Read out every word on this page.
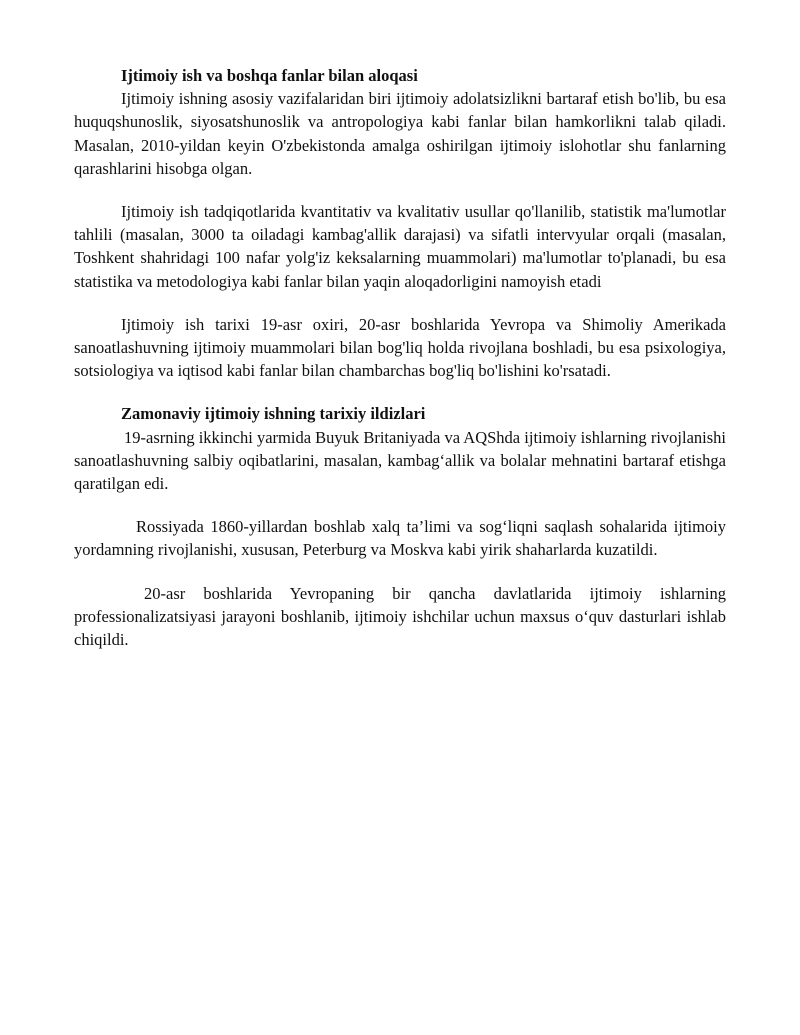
Ijtimoiy ish va boshqa fanlar bilan aloqasi

Ijtimoiy ishning asosiy vazifalaridan biri ijtimoiy adolatsizlikni bartaraf etish bo'lib, bu esa huquqshunoslik, siyosatshunoslik va antropologiya kabi fanlar bilan hamkorlikni talab qiladi. Masalan, 2010-yildan keyin O'zbekistonda amalga oshirilgan ijtimoiy islohotlar shu fanlarning qarashlarini hisobga olgan.

Ijtimoiy ish tadqiqotlarida kvantitativ va kvalitativ usullar qo'llanilib, statistik ma'lumotlar tahlili (masalan, 3000 ta oiladagi kambag'allik darajasi) va sifatli intervyular orqali (masalan, Toshkent shahridagi 100 nafar yolg'iz keksalarning muammolari) ma'lumotlar to'planadi, bu esa statistika va metodologiya kabi fanlar bilan yaqin aloqadorligini namoyish etadi

Ijtimoiy ish tarixi 19-asr oxiri, 20-asr boshlarida Yevropa va Shimoliy Amerikada sanoatlashuvning ijtimoiy muammolari bilan bog'liq holda rivojlana boshladi, bu esa psixologiya, sotsiologiya va iqtisod kabi fanlar bilan chambarchas bog'liq bo'lishini ko'rsatadi.

Zamonaviy ijtimoiy ishning tarixiy ildizlari

19-asrning ikkinchi yarmida Buyuk Britaniyada va AQShda ijtimoiy ishlarning rivojlanishi sanoatlashuvning salbiy oqibatlarini, masalan, kambag‘allik va bolalar mehnatini bartaraf etishga qaratilgan edi.

Rossiyada 1860-yillardan boshlab xalq ta’limi va sog‘liqni saqlash sohalarida ijtimoiy yordamning rivojlanishi, xususan, Peterburg va Moskva kabi yirik shaharlarda kuzatildi.

20-asr boshlarida Yevropaning bir qancha davlatlarida ijtimoiy ishlarning professionalizatsiyasi jarayoni boshlanib, ijtimoiy ishchilar uchun maxsus o‘quv dasturlari ishlab chiqildi.
